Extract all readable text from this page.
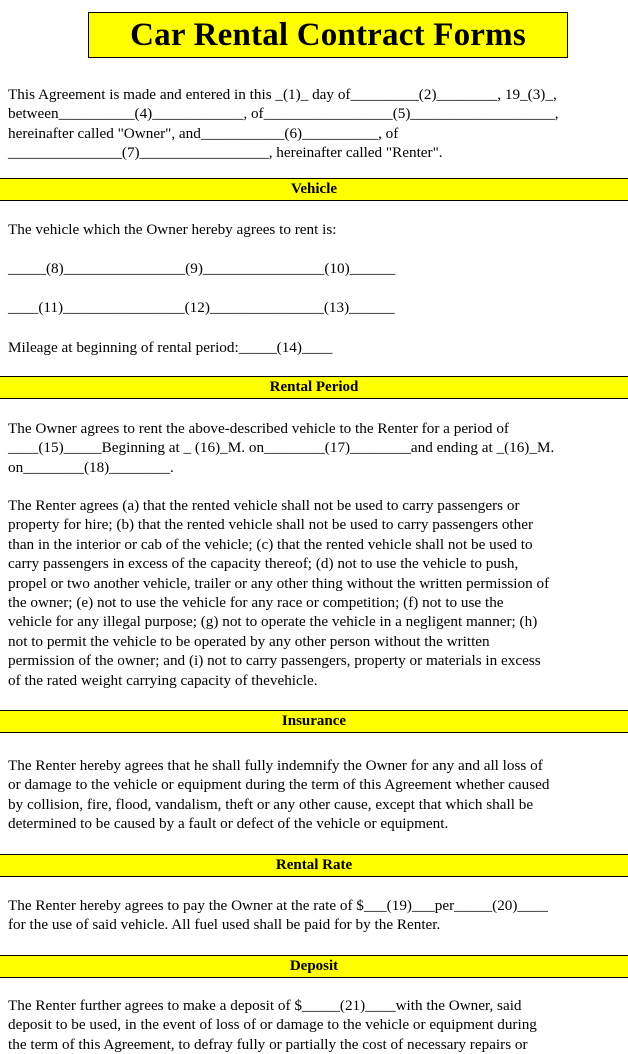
Car Rental Contract Forms
This Agreement is made and entered in this _(1)_ day of_________(2)________, 19_(3)_,
between__________(4)____________, of_________________(5)___________________,
hereinafter called "Owner", and___________(6)__________, of
_______________(7)_________________, hereinafter called "Renter".
Vehicle
The vehicle which the Owner hereby agrees to rent is:
_____(8)________________(9)________________(10)______
____(11)________________(12)_______________(13)______
Mileage at beginning of rental period:_____(14)____
Rental Period
The Owner agrees to rent the above-described vehicle to the Renter for a period of
____(15)_____Beginning at _ (16)_M. on________(17)________and ending at _(16)_M.
on________(18)________.
The Renter agrees (a) that the rented vehicle shall not be used to carry passengers or
property for hire; (b) that the rented vehicle shall not be used to carry passengers other
than in the interior or cab of the vehicle; (c) that the rented vehicle shall not be used to
carry passengers in excess of the capacity thereof; (d) not to use the vehicle to push,
propel or two another vehicle, trailer or any other thing without the written permission of
the owner; (e) not to use the vehicle for any race or competition; (f) not to use the
vehicle for any illegal purpose; (g) not to operate the vehicle in a negligent manner; (h)
not to permit the vehicle to be operated by any other person without the written
permission of the owner; and (i) not to carry passengers, property or materials in excess
of the rated weight carrying capacity of thevehicle.
Insurance
The Renter hereby agrees that he shall fully indemnify the Owner for any and all loss of
or damage to the vehicle or equipment during the term of this Agreement whether caused
by collision, fire, flood, vandalism, theft or any other cause, except that which shall be
determined to be caused by a fault or defect of the vehicle or equipment.
Rental Rate
The Renter hereby agrees to pay the Owner at the rate of $___(19)___per_____(20)____
for the use of said vehicle. All fuel used shall be paid for by the Renter.
Deposit
The Renter further agrees to make a deposit of $_____(21)____with the Owner, said
deposit to be used, in the event of loss of or damage to the vehicle or equipment during
the term of this Agreement, to defray fully or partially the cost of necessary repairs or
